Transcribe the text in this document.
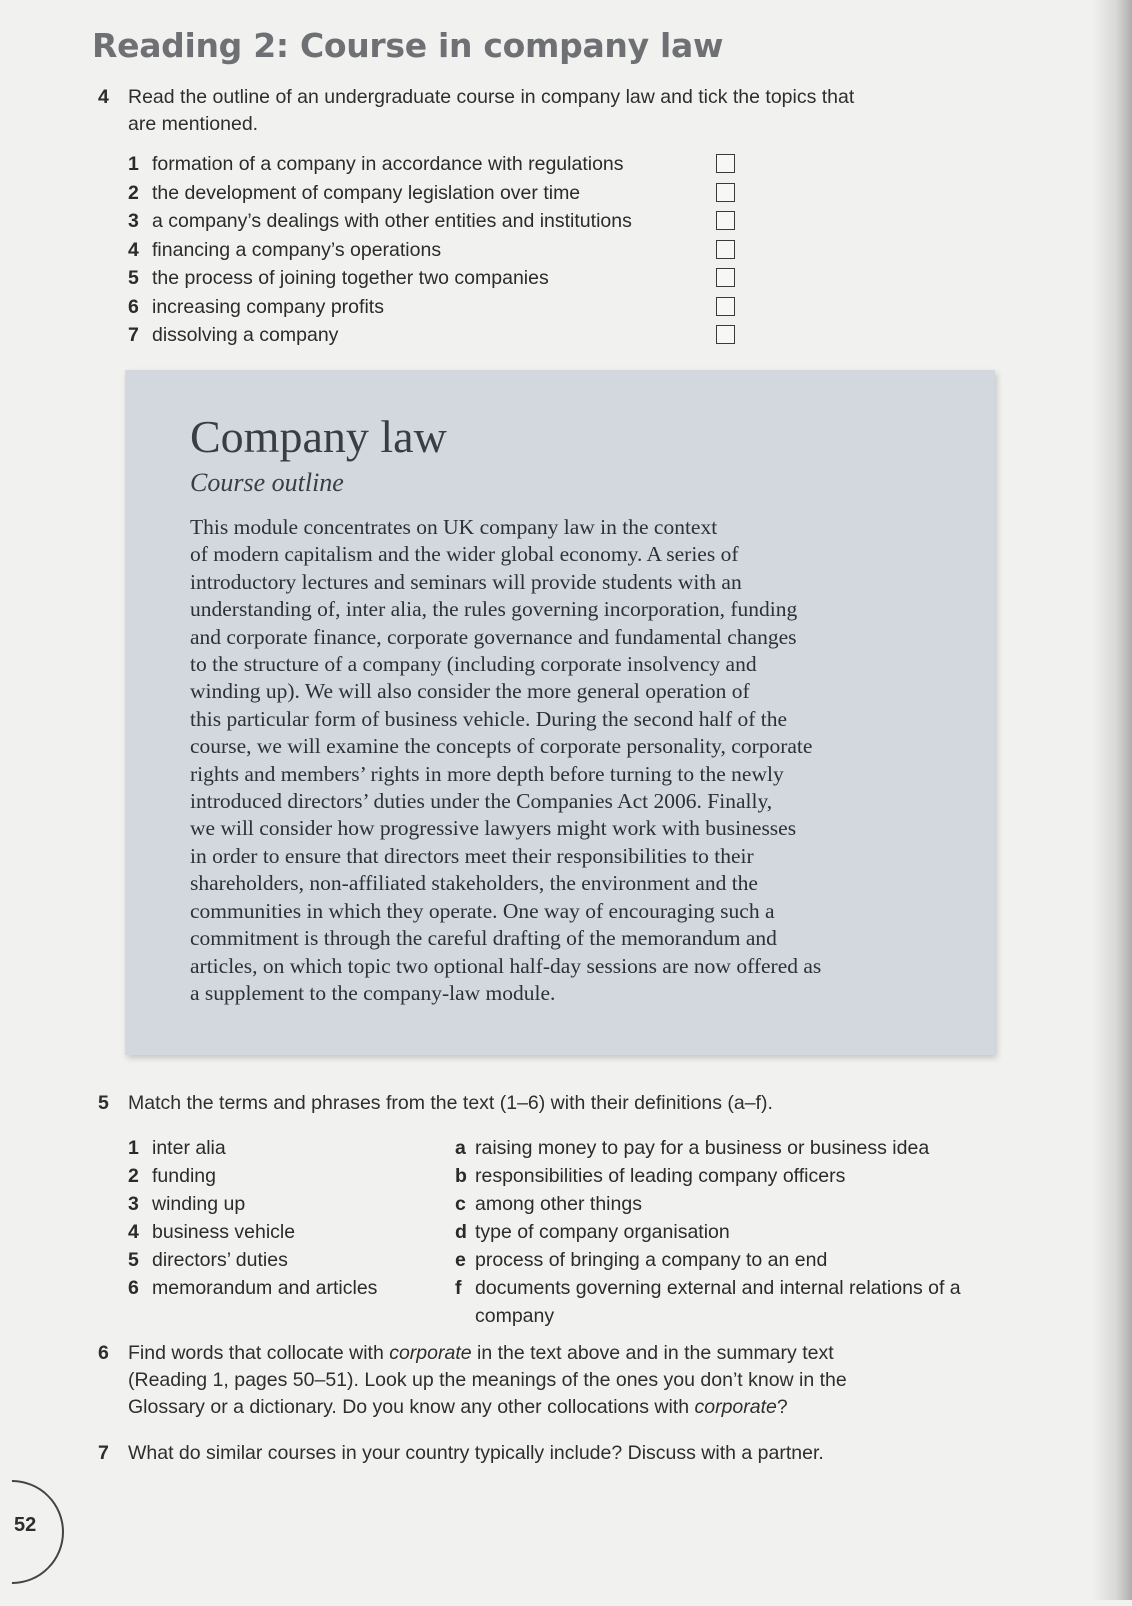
Reading 2: Course in company law
4 Read the outline of an undergraduate course in company law and tick the topics that are mentioned.
1 formation of a company in accordance with regulations
2 the development of company legislation over time
3 a company’s dealings with other entities and institutions
4 financing a company’s operations
5 the process of joining together two companies
6 increasing company profits
7 dissolving a company
Company law
Course outline
This module concentrates on UK company law in the context
of modern capitalism and the wider global economy. A series of
introductory lectures and seminars will provide students with an
understanding of, inter alia, the rules governing incorporation, funding
and corporate finance, corporate governance and fundamental changes
to the structure of a company (including corporate insolvency and
winding up). We will also consider the more general operation of
this particular form of business vehicle. During the second half of the
course, we will examine the concepts of corporate personality, corporate
rights and members’ rights in more depth before turning to the newly
introduced directors’ duties under the Companies Act 2006. Finally,
we will consider how progressive lawyers might work with businesses
in order to ensure that directors meet their responsibilities to their
shareholders, non-affiliated stakeholders, the environment and the
communities in which they operate. One way of encouraging such a
commitment is through the careful drafting of the memorandum and
articles, on which topic two optional half-day sessions are now offered as
a supplement to the company-law module.
5 Match the terms and phrases from the text (1–6) with their definitions (a–f).
1 inter alia
2 funding
3 winding up
4 business vehicle
5 directors’ duties
6 memorandum and articles
a raising money to pay for a business or business idea
b responsibilities of leading company officers
c among other things
d type of company organisation
e process of bringing a company to an end
f documents governing external and internal relations of a company
6 Find words that collocate with corporate in the text above and in the summary text (Reading 1, pages 50–51). Look up the meanings of the ones you don’t know in the Glossary or a dictionary. Do you know any other collocations with corporate?
7 What do similar courses in your country typically include? Discuss with a partner.
52
